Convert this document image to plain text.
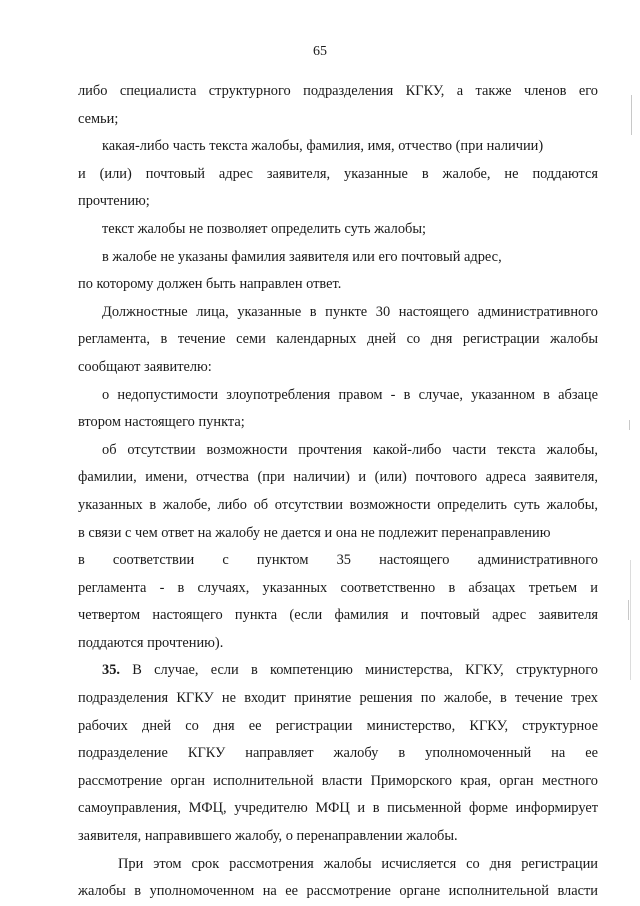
65
либо специалиста структурного подразделения КГКУ, а также членов его
семьи;
какая-либо часть текста жалобы, фамилия, имя, отчество (при наличии)
и (или) почтовый адрес заявителя, указанные в жалобе, не поддаются
прочтению;
текст жалобы не позволяет определить суть жалобы;
в жалобе не указаны фамилия заявителя или его почтовый адрес,
по которому должен быть направлен ответ.
Должностные лица, указанные в пункте 30 настоящего административного
регламента, в течение семи календарных дней со дня регистрации жалобы
сообщают заявителю:
о недопустимости злоупотребления правом - в случае, указанном в абзаце
втором настоящего пункта;
об отсутствии возможности прочтения какой-либо части текста жалобы,
фамилии, имени, отчества (при наличии) и (или) почтового адреса заявителя,
указанных в жалобе, либо об отсутствии возможности определить суть жалобы,
в связи с чем ответ на жалобу не дается и она не подлежит перенаправлению
в соответствии с пунктом 35 настоящего административного
регламента - в случаях, указанных соответственно в абзацах третьем и
четвертом настоящего пункта (если фамилия и почтовый адрес заявителя
поддаются прочтению).
35. В случае, если в компетенцию министерства, КГКУ, структурного
подразделения КГКУ не входит принятие решения по жалобе, в течение трех
рабочих дней со дня ее регистрации министерство, КГКУ, структурное
подразделение КГКУ направляет жалобу в уполномоченный на ее
рассмотрение орган исполнительной власти Приморского края, орган местного
самоуправления, МФЦ, учредителю МФЦ и в письменной форме информирует
заявителя, направившего жалобу, о перенаправлении жалобы.
При этом срок рассмотрения жалобы исчисляется со дня регистрации
жалобы в уполномоченном на ее рассмотрение органе исполнительной власти
